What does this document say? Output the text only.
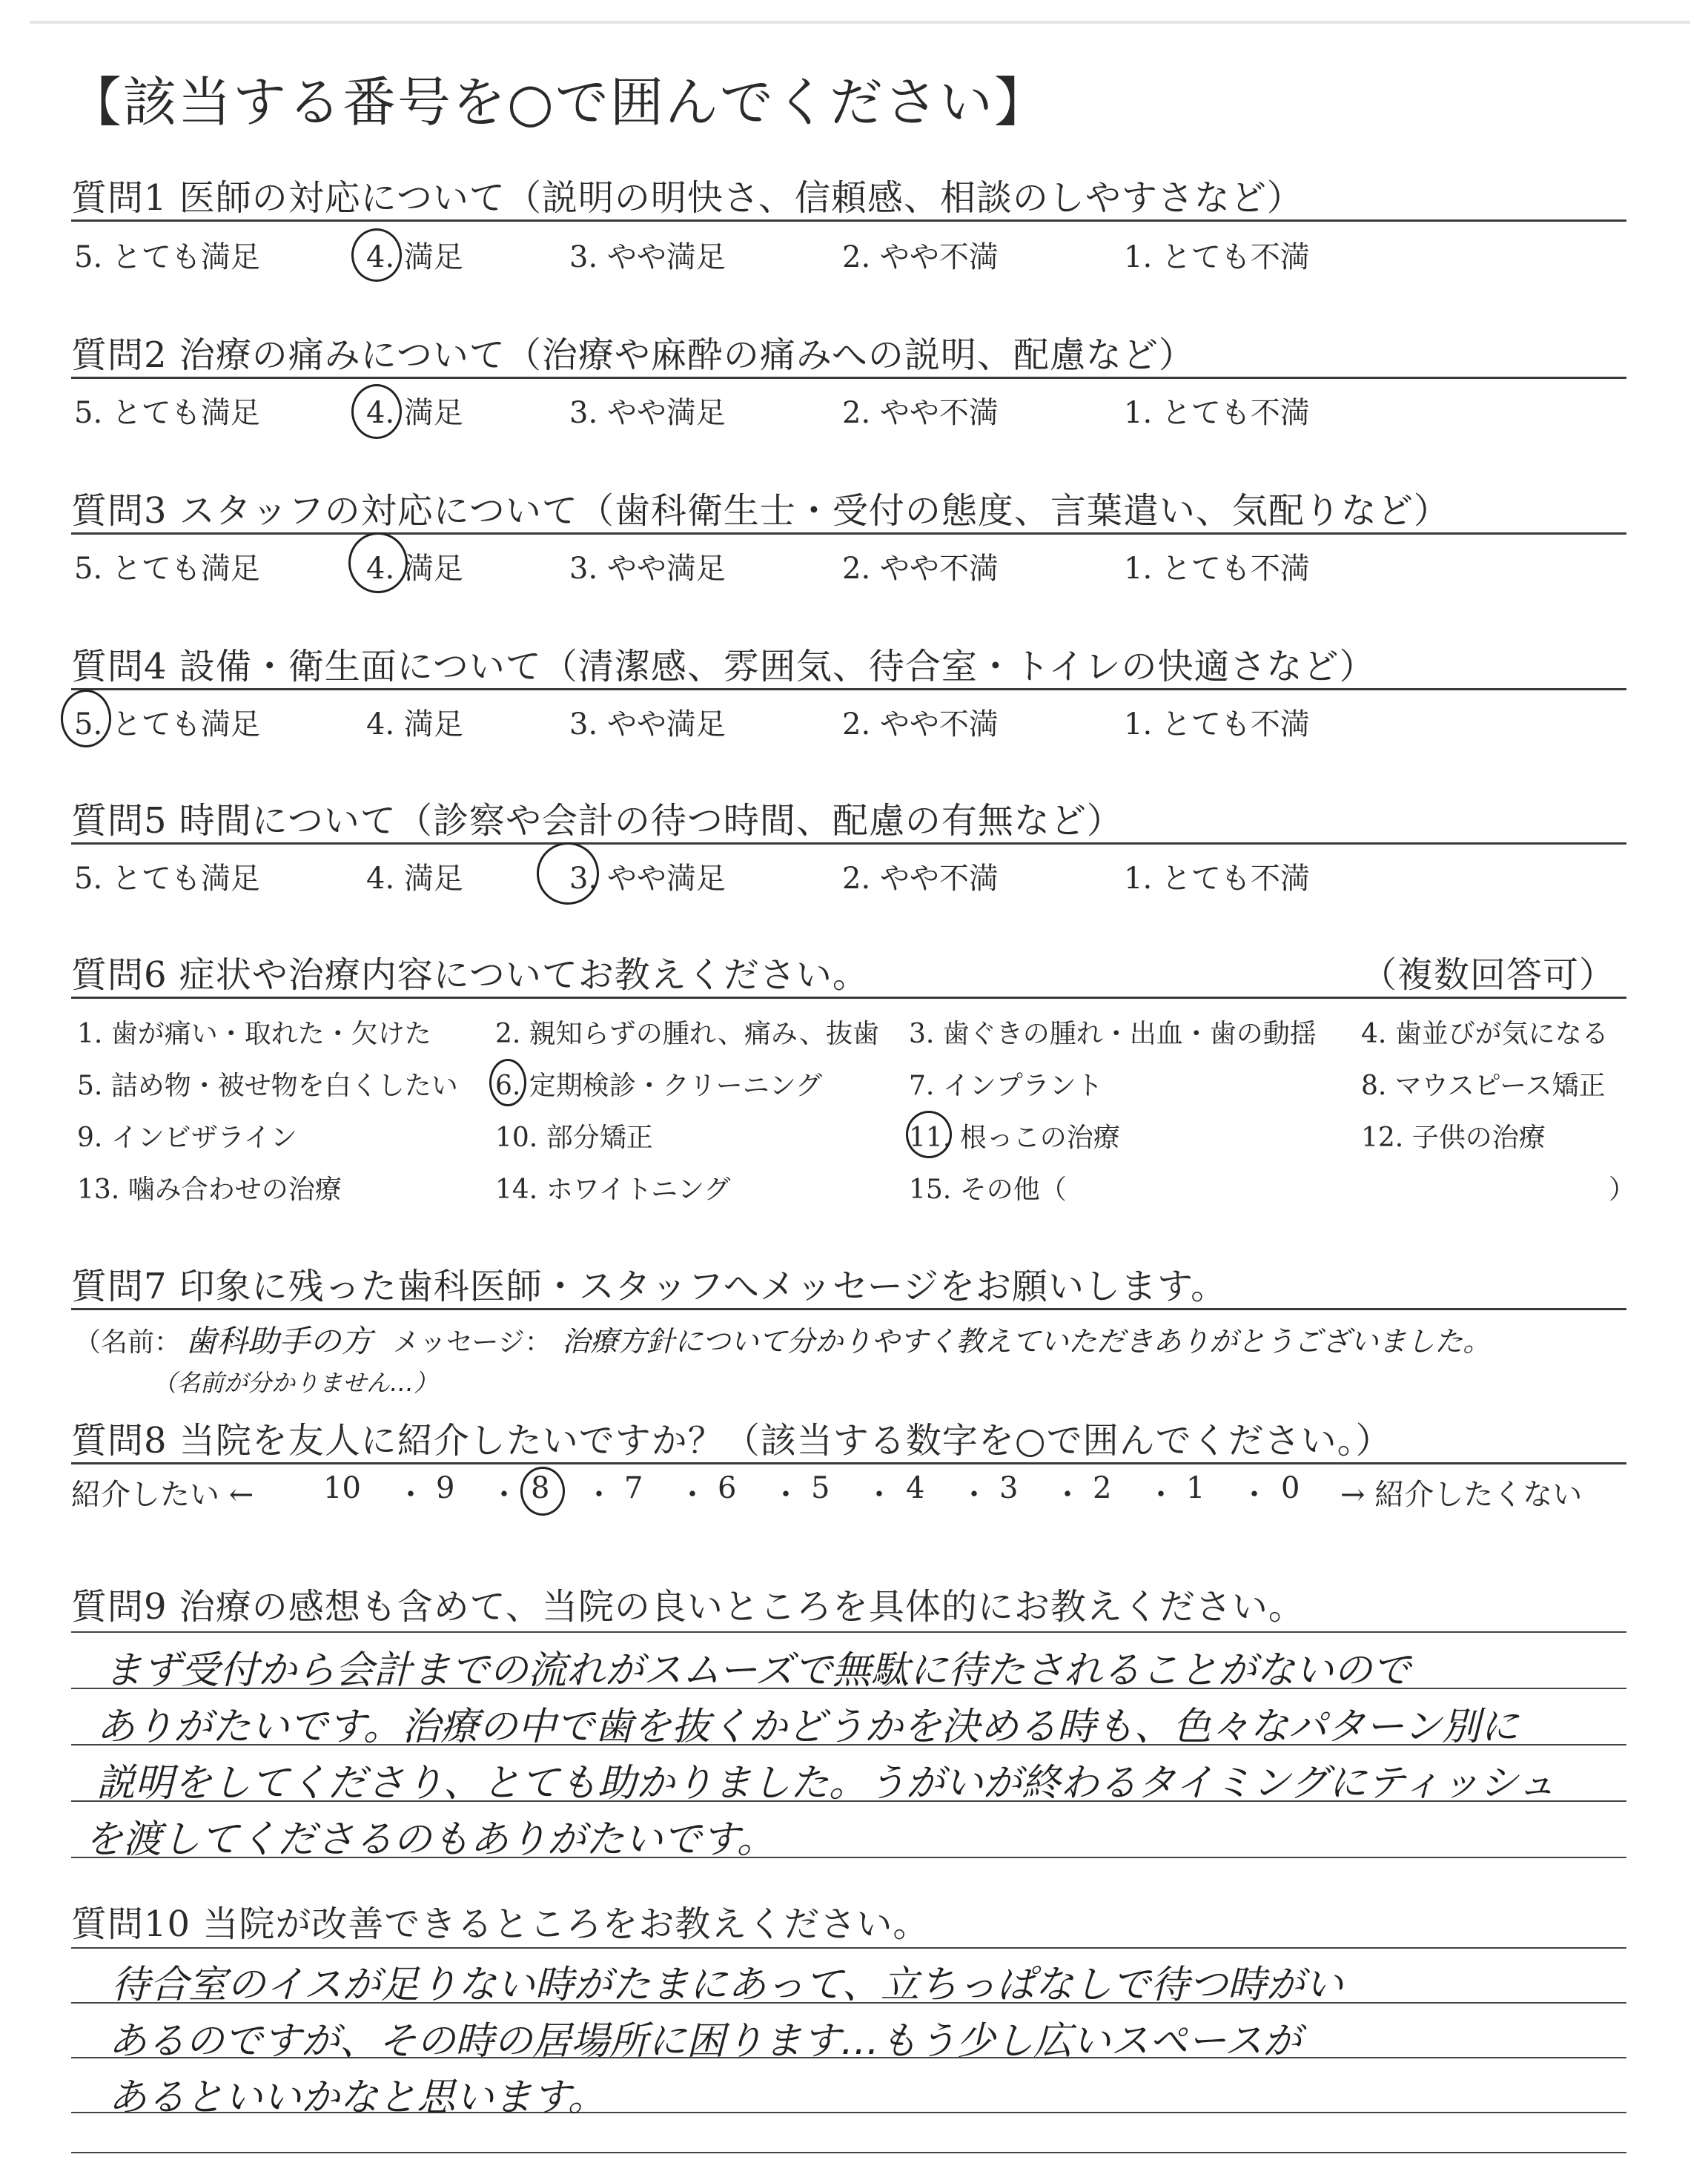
【該当する番号を○で囲んでください】
質問1 医師の対応について（説明の明快さ、信頼感、相談のしやすさなど）
5. とても満足	4. 満足	3. やや満足	2. やや不満	1. とても不満
質問2 治療の痛みについて（治療や麻酔の痛みへの説明、配慮など）
5. とても満足	4. 満足	3. やや満足	2. やや不満	1. とても不満
質問3 スタッフの対応について（歯科衛生士・受付の態度、言葉遣い、気配りなど）
5. とても満足	4. 満足	3. やや満足	2. やや不満	1. とても不満
質問4 設備・衛生面について（清潔感、雰囲気、待合室・トイレの快適さなど）
5. とても満足	4. 満足	3. やや満足	2. やや不満	1. とても不満
質問5 時間について（診察や会計の待つ時間、配慮の有無など）
5. とても満足	4. 満足	3. やや満足	2. やや不満	1. とても不満
質問6 症状や治療内容についてお教えください。	（複数回答可）
1. 歯が痛い・取れた・欠けた 2. 親知らずの腫れ、痛み、抜歯 3. 歯ぐきの腫れ・出血・歯の動揺 4. 歯並びが気になる
5. 詰め物・被せ物を白くしたい 6. 定期検診・クリーニング	7. インプラント	8. マウスピース矯正
9. インビザライン	10. 部分矯正	11. 根っこの治療	12. 子供の治療
13. 噛み合わせの治療	14. ホワイトニング	15. その他（	）
質問7 印象に残った歯科医師・スタッフへメッセージをお願いします。
（名前： 歯科助手の方 メッセージ： 治療方針について分かりやすく教えていただきありがとうございました。
（名前が分かりません…）
質問8 当院を友人に紹介したいですか？（該当する数字を○で囲んでください。）
紹介したい ← 10 ・ 9 ・ 8 ・ 7 ・ 6 ・ 5 ・ 4 ・ 3 ・ 2 ・ 1 ・ 0 → 紹介したくない
質問9 治療の感想も含めて、当院の良いところを具体的にお教えください。
まず受付から会計までの流れがスムーズで無駄に待たされることがないので
ありがたいです。治療の中で歯を抜くかどうかを決める時も、色々なパターン別に
説明をしてくださり、とても助かりました。うがいが終わるタイミングにティッシュ
を渡してくださるのもありがたいです。
質問10 当院が改善できるところをお教えください。
待合室のイスが足りない時がたまにあって、立ちっぱなしで待つ時がい
あるのですが、その時の居場所に困ります…もう少し広いスペースが
あるといいかなと思います。
